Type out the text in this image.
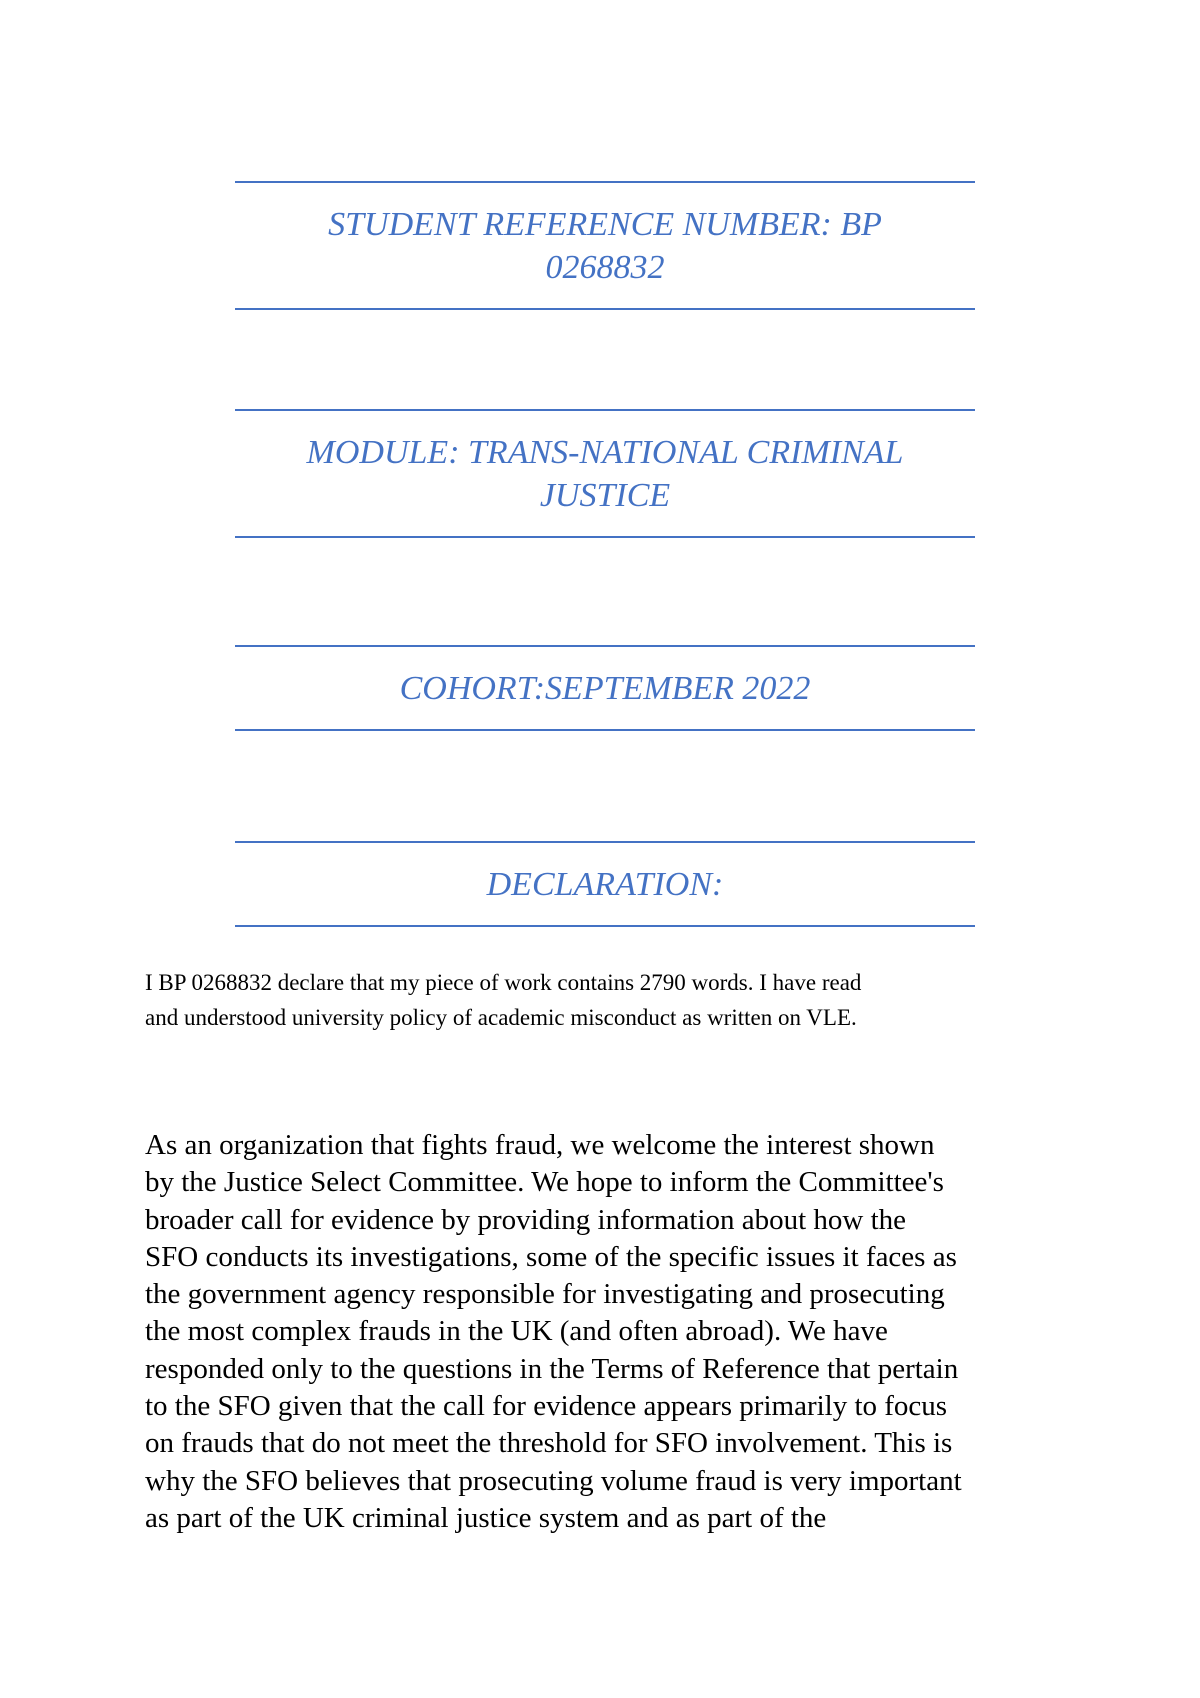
STUDENT REFERENCE NUMBER: BP
0268832

MODULE: TRANS-NATIONAL CRIMINAL
JUSTICE

COHORT:SEPTEMBER 2022

DECLARATION:

I BP 0268832 declare that my piece of work contains 2790 words. I have read
and understood university policy of academic misconduct as written on VLE.

As an organization that fights fraud, we welcome the interest shown
by the Justice Select Committee. We hope to inform the Committee's
broader call for evidence by providing information about how the
SFO conducts its investigations, some of the specific issues it faces as
the government agency responsible for investigating and prosecuting
the most complex frauds in the UK (and often abroad). We have
responded only to the questions in the Terms of Reference that pertain
to the SFO given that the call for evidence appears primarily to focus
on frauds that do not meet the threshold for SFO involvement. This is
why the SFO believes that prosecuting volume fraud is very important
as part of the UK criminal justice system and as part of the
